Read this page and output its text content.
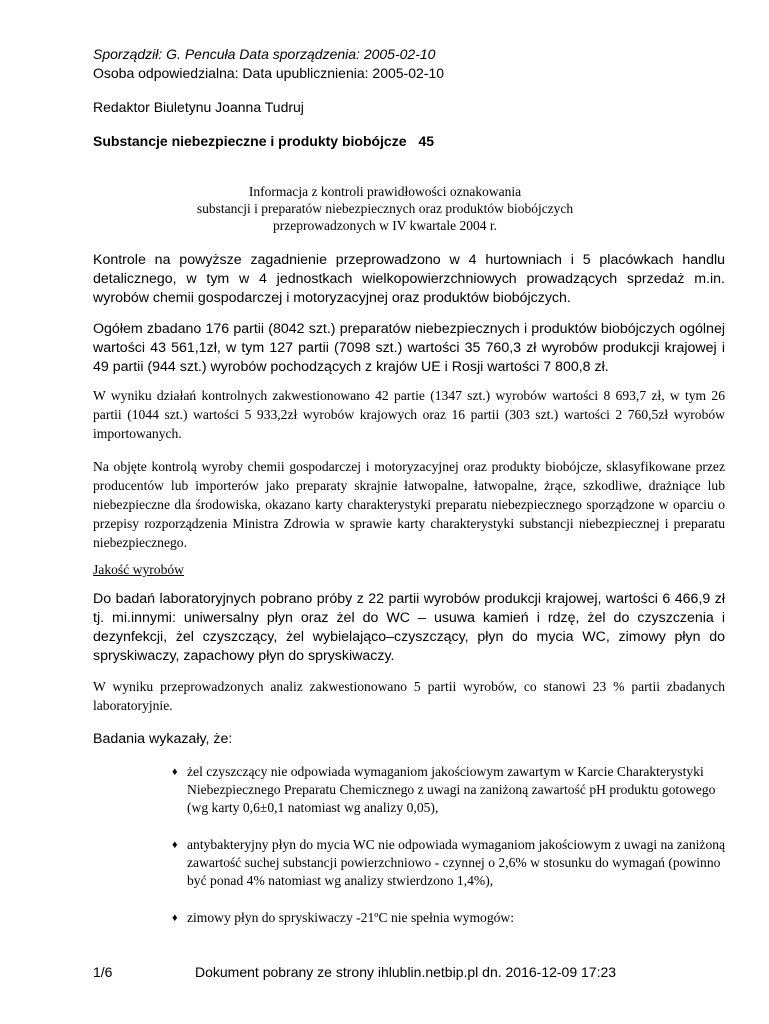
Sporządził: G. Pencuła Data sporządzenia: 2005-02-10
Osoba odpowiedzialna: Data upublicznienia: 2005-02-10
Redaktor Biuletynu Joanna Tudruj
Substancje niebezpieczne i produkty biobójcze 45
Informacja z kontroli prawidłowości oznakowania
substancji i preparatów niebezpiecznych oraz produktów biobójczych
przeprowadzonych w IV kwartale 2004 r.
Kontrole na powyższe zagadnienie przeprowadzono w 4 hurtowniach i 5 placówkach handlu detalicznego, w tym w 4 jednostkach wielkopowierzchniowych prowadzących sprzedaż m.in. wyrobów chemii gospodarczej i motoryzacyjnej oraz produktów biobójczych.
Ogółem zbadano 176 partii (8042 szt.) preparatów niebezpiecznych i produktów biobójczych ogólnej wartości 43 561,1zł, w tym 127 partii (7098 szt.) wartości 35 760,3 zł wyrobów produkcji krajowej i 49 partii (944 szt.) wyrobów pochodzących z krajów UE i Rosji wartości 7 800,8 zł.
W wyniku działań kontrolnych zakwestionowano 42 partie (1347 szt.) wyrobów wartości 8 693,7 zł, w tym 26 partii (1044 szt.) wartości 5 933,2zł wyrobów krajowych oraz 16 partii (303 szt.) wartości 2 760,5zł wyrobów importowanych.
Na objęte kontrolą wyroby chemii gospodarczej i motoryzacyjnej oraz produkty biobójcze, sklasyfikowane przez producentów lub importerów jako preparaty skrajnie łatwopalne, łatwopalne, żrące, szkodliwe, drażniące lub niebezpieczne dla środowiska, okazano karty charakterystyki preparatu niebezpiecznego sporządzone w oparciu o przepisy rozporządzenia Ministra Zdrowia w sprawie karty charakterystyki substancji niebezpiecznej i preparatu niebezpiecznego.
Jakość wyrobów
Do badań laboratoryjnych pobrano próby z 22 partii wyrobów produkcji krajowej, wartości 6 466,9 zł tj. mi.innymi: uniwersalny płyn oraz żel do WC – usuwa kamień i rdzę, żel do czyszczenia i dezynfekcji, żel czyszczący, żel wybielająco–czyszczący, płyn do mycia WC, zimowy płyn do spryskiwaczy, zapachowy płyn do spryskiwaczy.
W wyniku przeprowadzonych analiz zakwestionowano 5 partii wyrobów, co stanowi 23 % partii zbadanych laboratoryjnie.
Badania wykazały, że:
♦ żel czyszczący nie odpowiada wymaganiom jakościowym zawartym w Karcie Charakterystyki Niebezpiecznego Preparatu Chemicznego z uwagi na zaniżoną zawartość pH produktu gotowego (wg karty 0,6±0,1 natomiast wg analizy 0,05),
♦ antybakteryjny płyn do mycia WC nie odpowiada wymaganiom jakościowym z uwagi na zaniżoną zawartość suchej substancji powierzchniowo - czynnej o 2,6% w stosunku do wymagań (powinno być ponad 4% natomiast wg analizy stwierdzono 1,4%),
♦ zimowy płyn do spryskiwaczy -21ºC nie spełnia wymogów:
1/6	Dokument pobrany ze strony ihlublin.netbip.pl dn. 2016-12-09 17:23
